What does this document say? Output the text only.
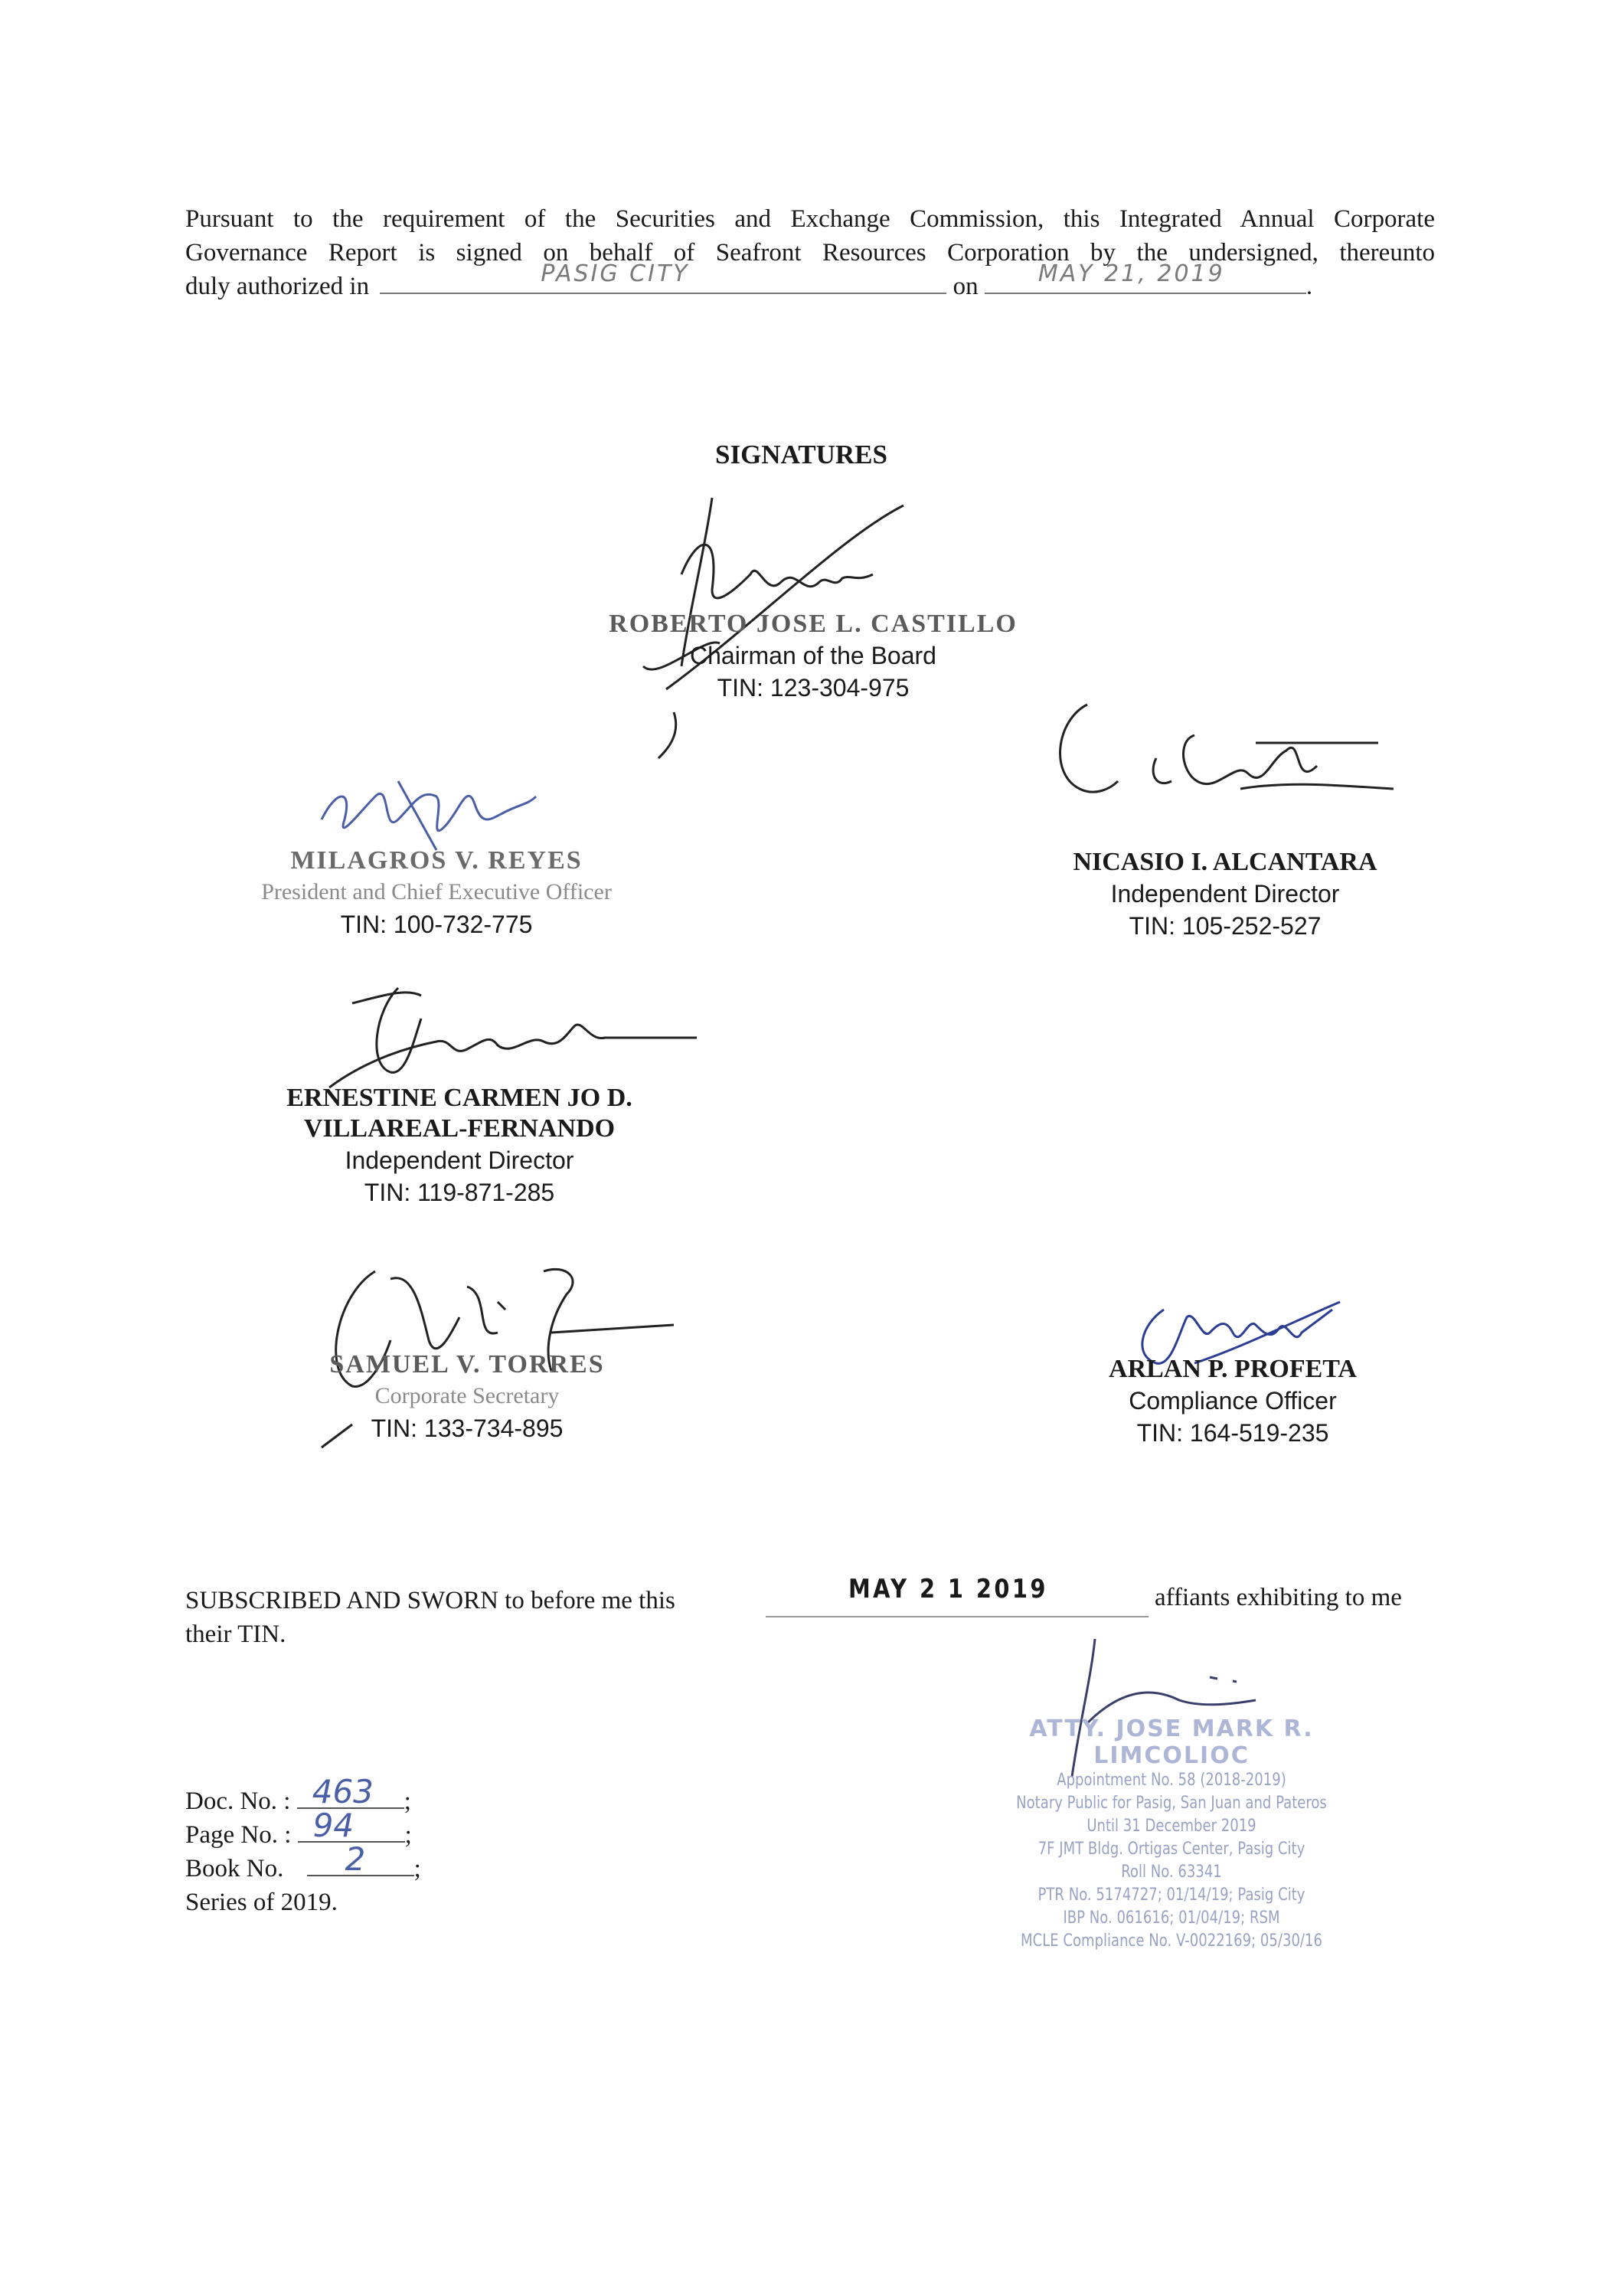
Pursuant to the requirement of the Securities and Exchange Commission, this Integrated Annual Corporate
Governance Report is signed on behalf of Seafront Resources Corporation by the undersigned, thereunto
duly authorized in	PASIG CITY	on	MAY 21, 2019	.
SIGNATURES
ROBERTO JOSE L. CASTILLO
Chairman of the Board
TIN: 123-304-975
MILAGROS V. REYES
President and Chief Executive Officer
TIN: 100-732-775
NICASIO I. ALCANTARA
Independent Director
TIN: 105-252-527
ERNESTINE CARMEN JO D.
VILLAREAL-FERNANDO
Independent Director
TIN: 119-871-285
SAMUEL V. TORRES
Corporate Secretary
TIN: 133-734-895
ARLAN P. PROFETA
Compliance Officer
TIN: 164-519-235
SUBSCRIBED AND SWORN to before me this
their TIN.
MAY 2 1 2019	affiants exhibiting to me
ATTY. JOSE MARK R. LIMCOLIOC
Appointment No. 58 (2018-2019)
Notary Public for Pasig, San Juan and Pateros
Until 31 December 2019
7F JMT Bldg. Ortigas Center, Pasig City
Roll No. 63341
PTR No. 5174727; 01/14/19; Pasig City
IBP No. 061616; 01/04/19; RSM
MCLE Compliance No. V-0022169; 05/30/16
Doc. No. : 463 ;
Page No. : 94 ;
Book No. 2 ;
Series of 2019.
